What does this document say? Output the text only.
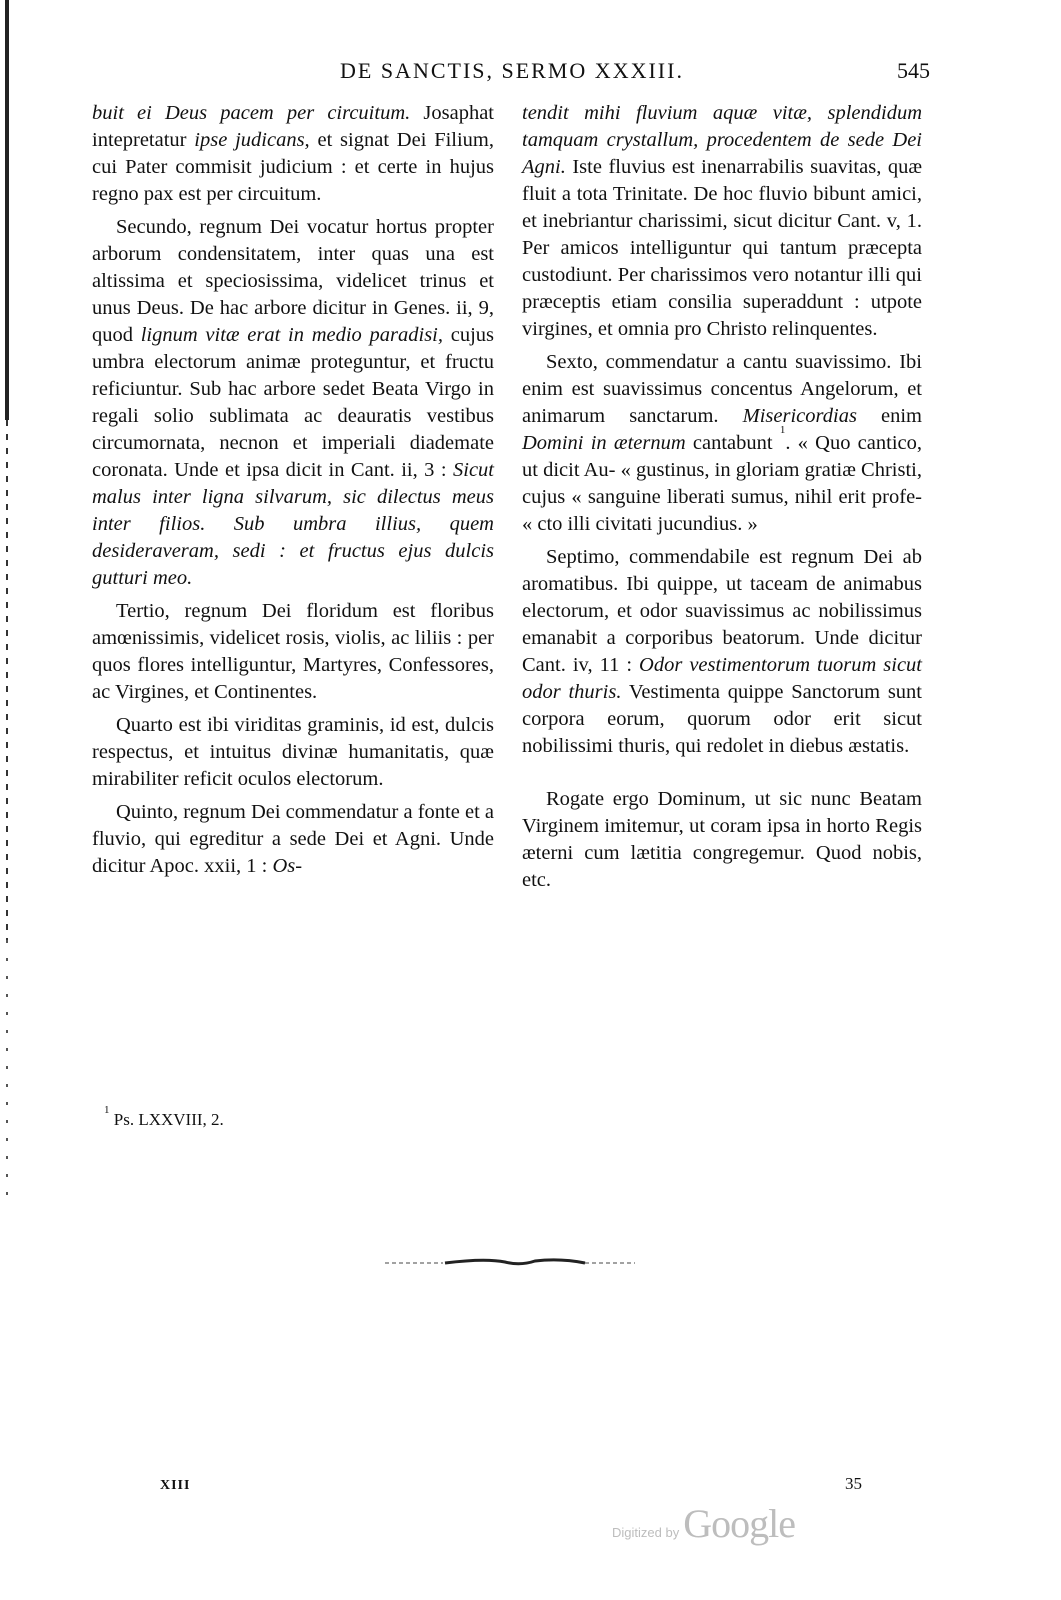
DE SANCTIS, SERMO XXXIII.	545

buit ei Deus pacem per circuitum. Josaphat intepretatur ipse judicans, et signat Dei Filium, cui Pater commisit judicium : et certe in hujus regno pax est per circuitum.

Secundo, regnum Dei vocatur hortus propter arborum condensitatem, inter quas una est altissima et speciosissima, videlicet trinus et unus Deus. De hac arbore dicitur in Genes. ii, 9, quod lignum vitæ erat in medio paradisi, cujus umbra electorum animæ proteguntur, et fructu reficiuntur. Sub hac arbore sedet Beata Virgo in regali solio sublimata ac deauratis vestibus circumornata, necnon et imperiali diademate coronata. Unde et ipsa dicit in Cant. ii, 3 : Sicut malus inter ligna silvarum, sic dilectus meus inter filios. Sub umbra illius, quem desideraveram, sedi : et fructus ejus dulcis gutturi meo.

Tertio, regnum Dei floridum est floribus amœnissimis, videlicet rosis, violis, ac liliis : per quos flores intelliguntur, Martyres, Confessores, ac Virgines, et Continentes.

Quarto est ibi viriditas graminis, id est, dulcis respectus, et intuitus divinæ humanitatis, quæ mirabiliter reficit oculos electorum.

Quinto, regnum Dei commendatur a fonte et a fluvio, qui egreditur a sede Dei et Agni. Unde dicitur Apoc. xxii, 1 : Os-

tendit mihi fluvium aquæ vitæ, splendidum tamquam crystallum, procedentem de sede Dei Agni. Iste fluvius est inenarrabilis suavitas, quæ fluit a tota Trinitate. De hoc fluvio bibunt amici, et inebriantur charissimi, sicut dicitur Cant. v, 1. Per amicos intelliguntur qui tantum præcepta custodiunt. Per charissimos vero notantur illi qui præceptis etiam consilia superaddunt : utpote virgines, et omnia pro Christo relinquentes.

Sexto, commendatur a cantu suavissimo. Ibi enim est suavissimus concentus Angelorum, et animarum sanctarum. Misericordias enim Domini in æternum cantabunt $^1$. « Quo cantico, ut dicit Au- « gustinus, in gloriam gratiæ Christi, cujus « sanguine liberati sumus, nihil erit profe- « cto illi civitati jucundius. »

Septimo, commendabile est regnum Dei ab aromatibus. Ibi quippe, ut taceam de animabus electorum, et odor suavissimus ac nobilissimus emanabit a corporibus beatorum. Unde dicitur Cant. iv, 11 : Odor vestimentorum tuorum sicut odor thuris. Vestimenta quippe Sanctorum sunt corpora eorum, quorum odor erit sicut nobilissimi thuris, qui redolet in diebus æstatis.

Rogate ergo Dominum, ut sic nunc Beatam Virginem imitemur, ut coram ipsa in horto Regis æterni cum lætitia congregemur. Quod nobis, etc.

$^1$ Ps. LXXVIII, 2.
XIII	35
Digitized by Google
